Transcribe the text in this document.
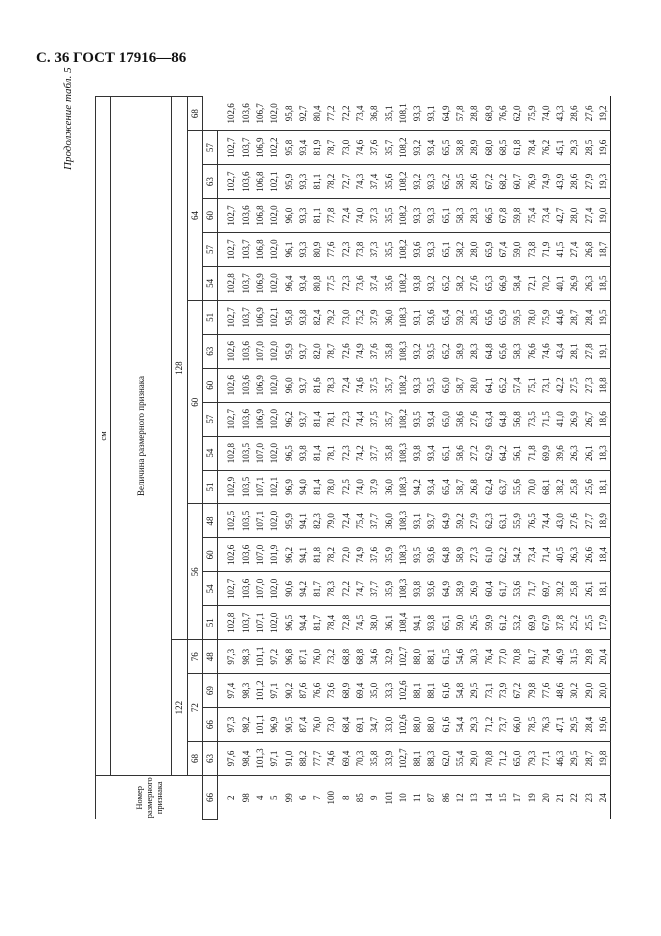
С. 36 ГОСТ 17916—86
Продолжение табл. 5
Номер размерного признака	см																			
	Величина размерного признака																			
	122				128															
	68	72		76	56				60						64					68
66	63	66	69	48	51	54	60	48	51	54	57	60	63	51	54	57	60	63	57	
2	97,6	97,3	97,4	97,3	102,8	102,7	102,6	102,5	102,9	102,8	102,7	102,6	102,6	102,7	102,8	102,7	102,7	102,7	102,7	102,6
98	98,4	98,2	98,3	98,3	103,7	103,6	103,6	103,5	103,5	103,5	103,6	103,6	103,6	103,7	103,7	103,7	103,6	103,6	103,7	103,6
4	101,3	101,1	101,2	101,1	107,1	107,0	107,0	107,1	107,1	107,0	106,9	106,9	107,0	106,9	106,9	106,8	106,8	106,8	106,9	106,7
5	97,1	96,9	97,1	97,2	102,0	102,0	101,9	102,0	102,1	102,0	102,0	102,0	102,0	102,1	102,0	102,0	102,0	102,1	102,2	102,0
99	91,0	90,5	90,2	96,8	96,5	90,6	96,2	95,9	96,9	96,5	96,2	96,0	95,9	95,8	96,4	96,1	96,0	95,9	95,8	95,8
6	88,2	87,4	87,6	87,1	94,4	94,2	94,1	94,1	94,0	93,8	93,7	93,7	93,7	93,8	93,4	93,3	93,3	93,3	93,4	92,7
7	77,7	76,0	76,6	76,0	81,7	81,7	81,8	82,3	81,4	81,4	81,4	81,6	82,0	82,4	80,8	80,9	81,1	81,1	81,9	80,4
100	74,6	73,0	73,6	73,2	78,4	78,3	78,2	79,0	78,0	78,1	78,1	78,3	78,7	79,2	77,5	77,6	77,8	78,2	78,7	77,2
8	69,4	68,4	68,9	68,8	72,8	72,2	72,0	72,4	72,5	72,3	72,3	72,4	72,6	73,0	72,3	72,3	72,4	72,7	73,0	72,2
85	70,3	69,1	69,4	68,8	74,5	74,7	74,9	75,4	74,0	74,2	74,4	74,6	74,9	75,2	73,6	73,8	74,0	74,3	74,6	73,4
9	35,8	34,7	35,0	34,6	38,0	37,7	37,6	37,7	37,9	37,7	37,5	37,5	37,6	37,9	37,4	37,3	37,3	37,4	37,6	36,8
101	33,9	33,0	33,3	32,9	36,1	35,9	35,9	36,0	36,0	35,8	35,7	35,7	35,8	36,0	35,6	35,5	35,5	35,6	35,7	35,1
10	102,7	102,6	102,6	102,7	108,4	108,3	108,3	108,3	108,3	108,3	108,2	108,2	108,3	108,3	108,2	108,2	108,2	108,2	108,2	108,1
11	88,1	88,0	88,1	88,0	94,1	93,8	93,5	93,1	94,2	93,8	93,5	93,3	93,2	93,1	93,8	93,6	93,3	93,2	93,2	93,3
87	88,3	88,0	88,1	88,1	93,8	93,6	93,6	93,7	93,4	93,4	93,4	93,5	93,5	93,6	93,2	93,3	93,3	93,3	93,4	93,1
86	62,0	61,6	61,6	61,5	65,1	64,9	64,8	64,9	65,4	65,1	65,0	65,0	65,2	65,4	65,2	65,1	65,1	65,2	65,5	64,9
12	55,4	54,4	54,8	54,6	59,0	58,9	58,9	59,2	58,7	58,6	58,6	58,7	58,9	59,2	58,2	58,2	58,3	58,5	58,8	57,8
13	29,0	29,3	29,5	30,3	26,5	26,9	27,3	27,9	26,8	27,2	27,6	28,0	28,3	28,5	27,6	28,0	28,3	28,6	28,9	28,8
14	70,8	71,2	73,1	76,4	59,9	60,4	61,0	62,3	62,4	62,9	63,4	64,1	64,8	65,6	65,3	65,9	66,5	67,2	68,0	68,9
15	71,2	73,7	73,9	77,0	61,2	61,7	62,2	63,1	63,7	64,2	64,8	65,2	65,6	65,9	66,9	67,4	67,8	68,2	68,5	76,6
17	65,0	66,0	67,2	70,8	53,2	53,6	54,2	55,9	55,6	56,1	56,8	57,4	58,3	59,5	58,4	59,0	59,8	60,7	61,8	62,0
19	79,3	78,5	79,8	81,7	69,9	71,7	73,4	76,5	70,0	71,8	73,5	75,1	76,6	78,0	72,1	73,8	75,4	76,9	78,4	75,9
20	77,1	76,3	77,6	79,4	67,9	69,7	71,4	74,4	68,1	69,9	71,5	73,1	74,6	75,9	70,2	71,9	73,4	74,9	76,2	74,0
21	46,3	47,1	48,6	46,9	37,8	39,2	40,5	43,0	38,2	39,6	41,0	42,2	43,4	44,6	40,1	41,5	42,7	43,9	45,1	43,3
22	29,5	29,5	30,2	31,5	25,2	25,8	26,3	27,6	25,8	26,3	26,9	27,5	28,1	28,7	26,9	27,4	28,0	28,6	29,3	28,6
23	28,7	28,4	29,0	29,8	25,5	26,1	26,6	27,7	25,6	26,1	26,7	27,3	27,8	28,4	26,3	26,8	27,4	27,9	28,5	27,6
24	19,8	19,6	20,0	20,4	17,9	18,1	18,4	18,9	18,1	18,3	18,6	18,8	19,1	19,5	18,5	18,7	19,0	19,3	19,6	19,2
